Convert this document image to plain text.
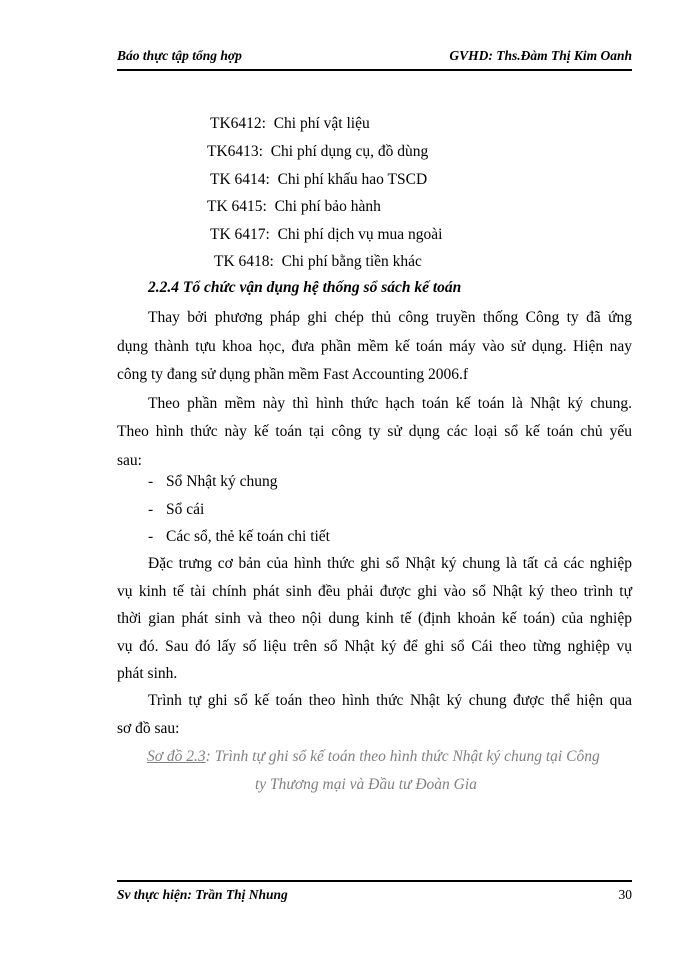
Báo thực tập tổng hợp	GVHD: Ths.Đàm Thị Kim Oanh
TK6412: Chi phí vật liệu
TK6413: Chi phí dụng cụ, đồ dùng
TK 6414: Chi phí khấu hao TSCD
TK 6415: Chi phí bảo hành
TK 6417: Chi phí dịch vụ mua ngoài
TK 6418: Chi phí bằng tiền khác
2.2.4 Tổ chức vận dụng hệ thống sổ sách kế toán
Thay bởi phương pháp ghi chép thủ công truyền thống Công ty đã ứng
dụng thành tựu khoa học, đưa phần mềm kế toán máy vào sử dụng. Hiện nay
công ty đang sử dụng phần mềm Fast Accounting 2006.f
Theo phần mềm này thì hình thức hạch toán kế toán là Nhật ký chung.
Theo hình thức này kế toán tại công ty sử dụng các loại sổ kế toán chủ yếu
sau:
- Sổ Nhật ký chung
- Sổ cái
- Các sổ, thẻ kế toán chi tiết
Đặc trưng cơ bản của hình thức ghi sổ Nhật ký chung là tất cả các nghiệp
vụ kinh tế tài chính phát sinh đều phải được ghi vào sổ Nhật ký theo trình tự
thời gian phát sinh và theo nội dung kinh tế (định khoản kế toán) của nghiệp
vụ đó. Sau đó lấy số liệu trên sổ Nhật ký để ghi sổ Cái theo từng nghiệp vụ
phát sinh.
Trình tự ghi sổ kế toán theo hình thức Nhật ký chung được thể hiện qua
sơ đồ sau:
Sơ đồ 2.3: Trình tự ghi sổ kế toán theo hình thức Nhật ký chung tại Công
ty Thương mại và Đầu tư Đoàn Gia
Sv thực hiện: Trần Thị Nhung	30
